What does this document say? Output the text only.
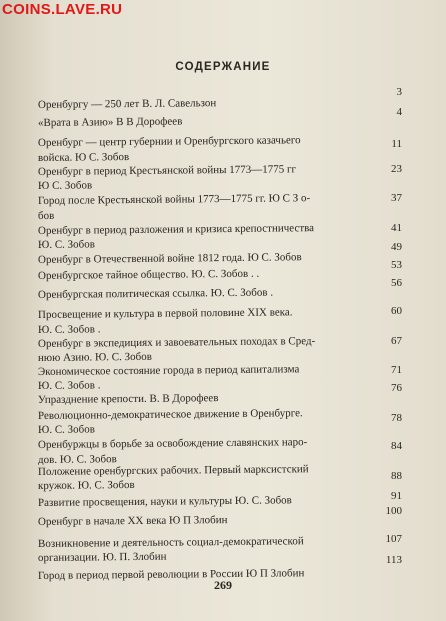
COINS.LAVE.RU
СОДЕРЖАНИЕ
Оренбургу — 250 лет В. Л. Савельзон
3
«Врата в Азию» В В Дорофеев
4
Оренбург — центр губернии и Оренбургского казачьего
войска. Ю С. Зобов
11
Оренбург в период Крестьянской войны 1773—1775 гг
Ю С. Зобов
23
Город после Крестьянской войны 1773—1775 гг. Ю С З о-
бов
37
Оренбург в период разложения и кризиса крепостничества
Ю. С. Зобов
41
Оренбург в Отечественной войне 1812 года. Ю С. Зобов
49
Оренбургское тайное общество. Ю. С. Зобов . .
53
Оренбургская политическая ссылка. Ю. С. Зобов .
56
Просвещение и культура в первой половине XIX века.
Ю. С. Зобов .
60
Оренбург в экспедициях и завоевательных походах в Сред-
нюю Азию. Ю. С. Зобов
67
Экономическое состояние города в период капитализма
Ю. С. Зобов .
71
Упразднение крепости. В. В Дорофеев
76
Революционно-демократическое движение в Оренбурге.
Ю. С. Зобов
78
Оренбуржцы в борьбе за освобождение славянских наро-
дов. Ю. С. Зобов
84
Положение оренбургских рабочих. Первый марксистский
кружок. Ю. С. Зобов
88
Развитие просвещения, науки и культуры Ю. С. Зобов	91
Оренбург в начале XX века Ю П Злобин
100
Возникновение и деятельность социал-демократической
организации. Ю. П. Злобин
107
Город в период первой революции в России Ю П Злобин
113
269
